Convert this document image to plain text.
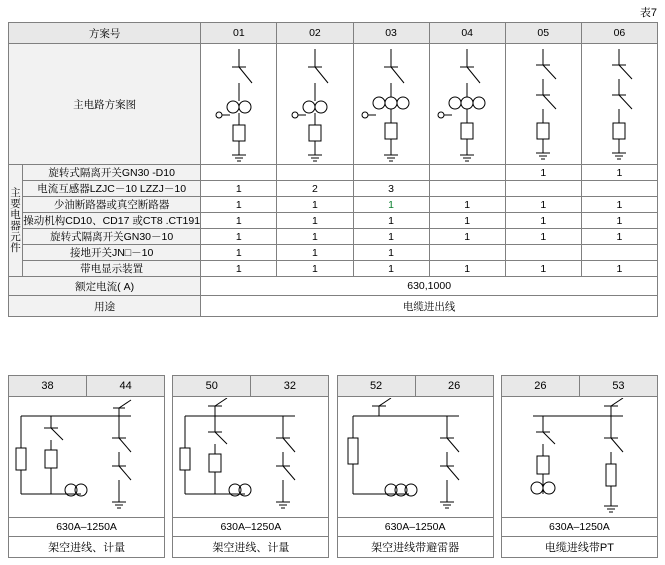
表7
方案号		01	02	03	04	05	06
主电路方案图	

主
要
电
器
元
件
	旋转式隔离开关GN30 -D10					1	1
	电流互感器LZJC－10 LZZJ－10	1	2	3			
	少油断路器或真空断路器	1	1	1	1	1	1
	操动机构CD10、CD17 或CT8 .CT191	1	1	1	1	1	1
	旋转式隔离开关GN30－10	1	1	1	1	1	1
	接地开关JN□－10	1	1	1			
	带电显示装置	1	1	1	1	1	1
额定电流( A)		630,1000					
用途		电缆进出线					
38	44		50	32		52	26		26	53

630A–1250A			630A–1250A			630A–1250A			630A–1250A	
架空进线、计量			架空进线、计量			架空进线带避雷器			电缆进线带PT	
